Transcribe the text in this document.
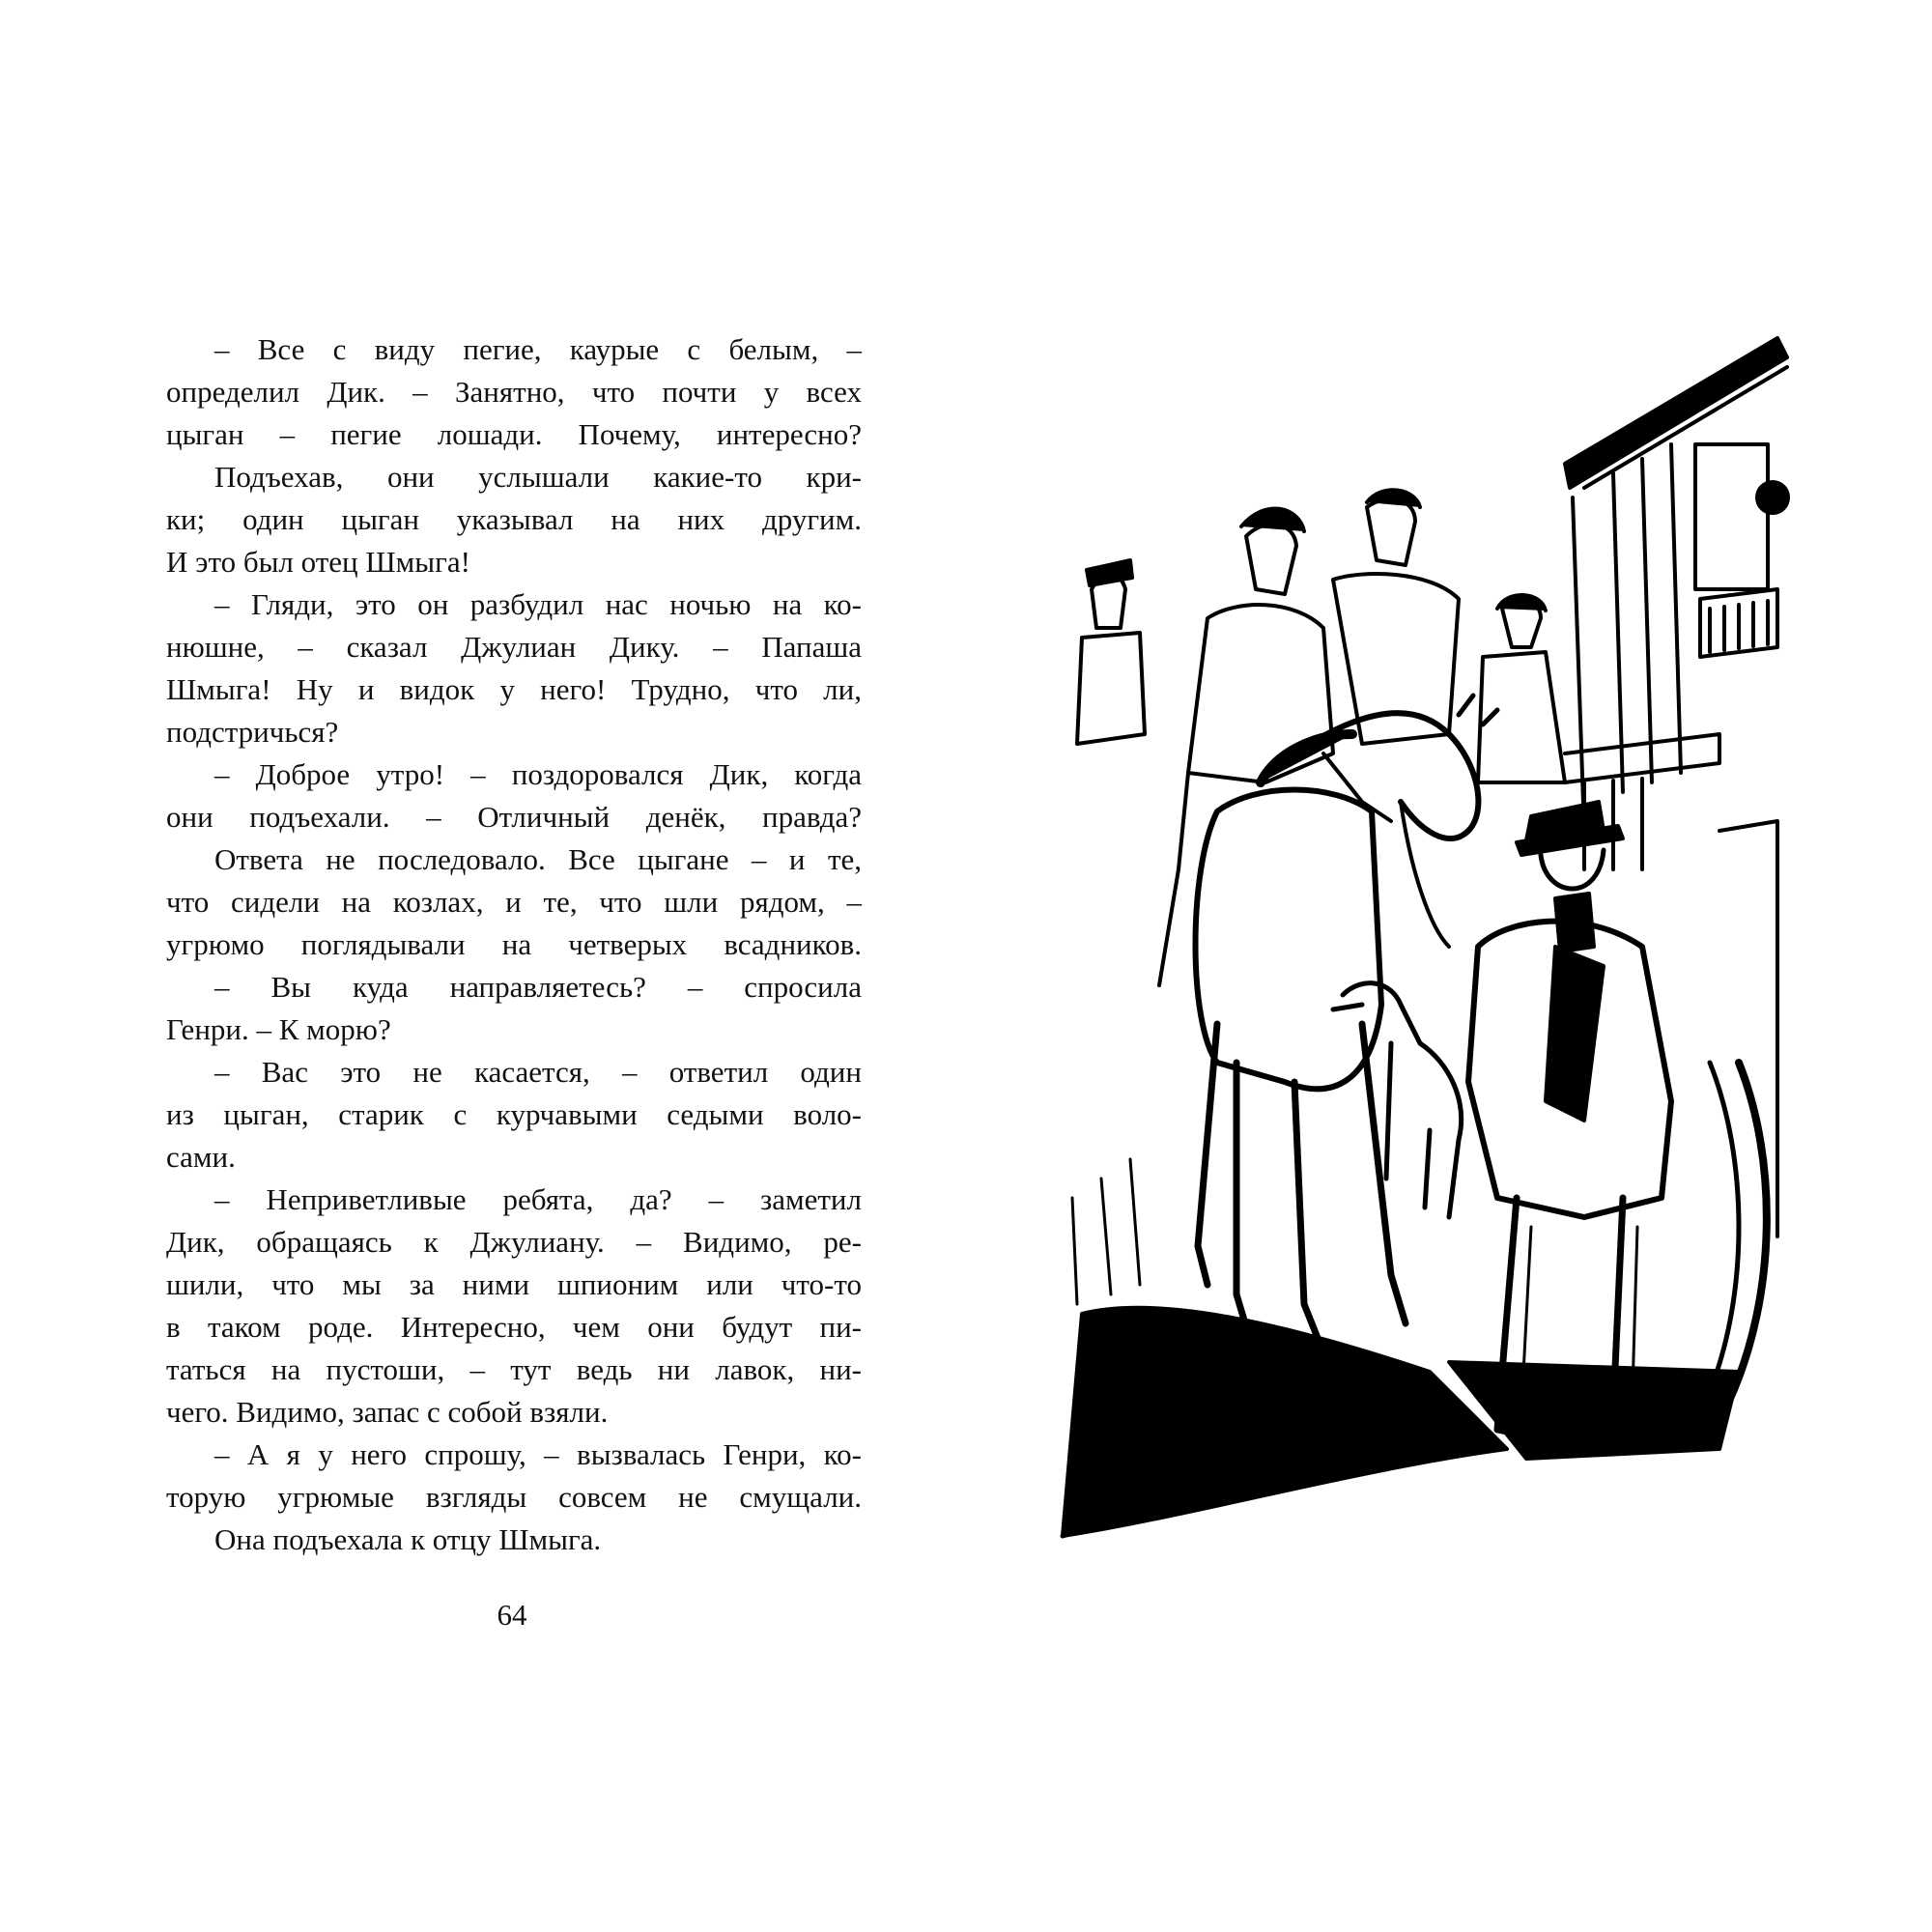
– Все с виду пегие, каурые с белым, –
определил Дик. – Занятно, что почти у всех
цыган – пегие лошади. Почему, интересно?
Подъехав, они услышали какие-то кри-
ки; один цыган указывал на них другим.
И это был отец Шмыга!
– Гляди, это он разбудил нас ночью на ко-
нюшне, – сказал Джулиан Дику. – Папаша
Шмыга! Ну и видок у него! Трудно, что ли,
подстричься?
– Доброе утро! – поздоровался Дик, когда
они подъехали. – Отличный денёк, правда?
Ответа не последовало. Все цыгане – и те,
что сидели на козлах, и те, что шли рядом, –
угрюмо поглядывали на четверых всадников.
– Вы куда направляетесь? – спросила
Генри. – К морю?
– Вас это не касается, – ответил один
из цыган, старик с курчавыми седыми воло-
сами.
– Неприветливые ребята, да? – заметил
Дик, обращаясь к Джулиану. – Видимо, ре-
шили, что мы за ними шпионим или что-то
в таком роде. Интересно, чем они будут пи-
таться на пустоши, – тут ведь ни лавок, ни-
чего. Видимо, запас с собой взяли.
– А я у него спрошу, – вызвалась Генри, ко-
торую угрюмые взгляды совсем не смущали.
Она подъехала к отцу Шмыга.
64
